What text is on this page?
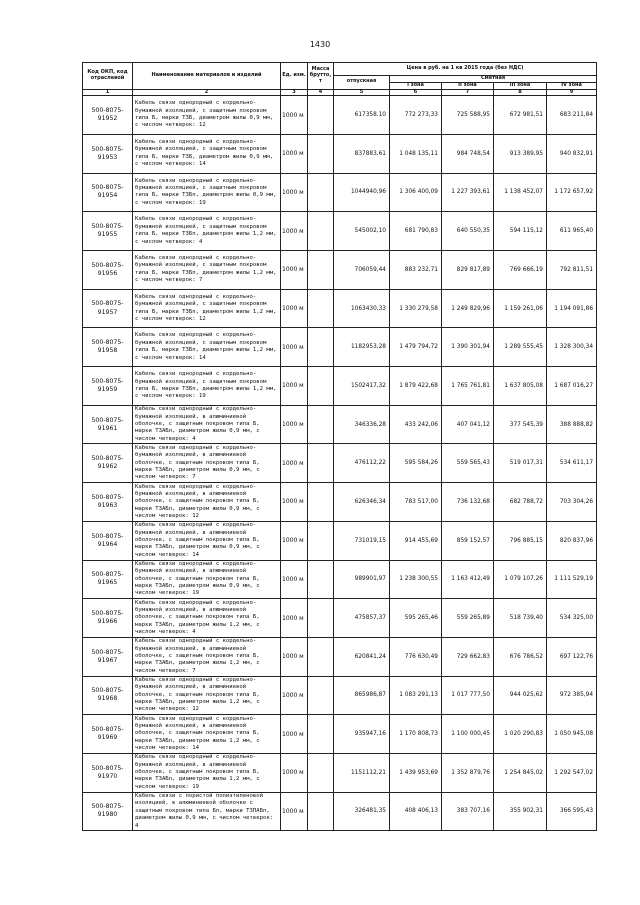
1430
Код ОКП, код отраслевой	Наименование материалов и изделий	Ед. изм.	Масса брутто, т	Цена в руб. на 1 кв 2015 года (без НДС)				
				отпускная	Сметная			
					I зона	II зона	III зона	IV зона
1	2	3	4	5	6	7	8	9
500-8075-91952	Кабель связи однородный с кордельно-бумажной изоляцией, с защитным покровом типа Б, марки ТЗБ, диаметром жилы 0,9 мм, с числом четверок: 12	1000 м		617358.10	772 273,33	725 588,95	672 981,51	683 211,84
500-8075-91953	Кабель связи однородный с кордельно-бумажной изоляцией, с защитным покровом типа Б, марки ТЗБ, диаметром жилы 0,9 мм, с числом четверок: 14	1000 м		837883,61	1 048 135,11	984 748,54	913 389,95	940 832,91
500-8075-91954	Кабель связи однородный с кордельно-бумажной изоляцией, с защитным покровом типа Б, марки ТЗБп, диаметром жилы 0,9 мм, с числом четверок: 19	1000 м		1044940,96	1 306 400,09	1 227 393,61	1 138 452,07	1 172 657,92
500-8075-91955	Кабель связи однородный с кордельно-бумажной изоляцией, с защитным покровом типа Б, марки ТЗБп, диаметром жилы 1,2 мм, с числом четверок: 4	1000 м		545002,10	681 790,83	640 550,35	594 115,12	611 965,40
500-8075-91956	Кабель связи однородный с кордельно-бумажной изоляцией, с защитным покровом типа Б, марки ТЗБп, диаметром жилы 1,2 мм, с числом четверок: 7	1000 м		706059,44	883 232,71	829 817,89	769 666,19	792 811,51
500-8075-91957	Кабель связи однородный с кордельно-бумажной изоляцией, с защитным покровом типа Б, марки ТЗБп, диаметром жилы 1,2 мм, с числом четверок: 12	1000 м		1063430,33	1 330 279,58	1 249 829,96	1 159 261,06	1 194 091,86
500-8075-91958	Кабель связи однородный с кордельно-бумажной изоляцией, с защитным покровом типа Б, марки ТЗБп, диаметром жилы 1,2 мм, с числом четверок: 14	1000 м		1182953,28	1 479 794,72	1 390 301,94	1 289 555,45	1 328 300,34
500-8075-91959	Кабель связи однородный с кордельно-бумажной изоляцией, с защитным покровом типа Б, марки ТЗБп, диаметром жилы 1,2 мм, с числом четверок: 19	1000 м		1502417,32	1 879 422,68	1 765 761,81	1 637 805,08	1 687 016,27
500-8075-91961	Кабель связи однородный с кордельно-бумажной изоляцией, в алюминиевой оболочке, с защитным покровом типа Б, марки ТЗАБл, диаметром жилы 0,9 мм, с числом четверок: 4	1000 м		346336,28	433 242,06	407 041,12	377 545,39	388 888,82
500-8075-91962	Кабель связи однородный с кордельно-бумажной изоляцией, в алюминиевой оболочке, с защитным покровом типа Б, марки ТЗАБл, диаметром жилы 0,9 мм, с числом четверок: 7	1000 м		476112,22	595 584,26	559 565,43	519 017,31	534 611,17
500-8075-91963	Кабель связи однородный с кордельно-бумажной изоляцией, в алюминиевой оболочке, с защитным покровом типа Б, марки ТЗАБл, диаметром жилы 0,9 мм, с числом четверок: 12	1000 м		626346,34	783 517,00	736 132,68	682 788,72	703 304,26
500-8075-91964	Кабель связи однородный с кордельно-бумажной изоляцией, в алюминиевой оболочке, с защитным покровом типа Б, марки ТЗАБл, диаметром жилы 0,9 мм, с числом четверок: 14	1000 м		731019,15	914 455,69	859 152,57	796 885,15	820 837,96
500-8075-91965	Кабель связи однородный с кордельно-бумажной изоляцией, в алюминиевой оболочке, с защитным покровом типа Б, марки ТЗАБл, диаметром жилы 0,9 мм, с числом четверок: 19	1000 м		989901,97	1 238 300,55	1 163 412,49	1 079 107,26	1 111 529,19
500-8075-91966	Кабель связи однородный с кордельно-бумажной изоляцией, в алюминиевой оболочке, с защитным покровом типа Б, марки ТЗАБл, диаметром жилы 1,2 мм, с числом четверок: 4	1000 м		475857,37	595 265,46	559 265,89	518 739,40	534 325,00
500-8075-91967	Кабель связи однородный с кордельно-бумажной изоляцией, в алюминиевой оболочке, с защитным покровом типа Б, марки ТЗАБл, диаметром жилы 1,2 мм, с числом четверок: 7	1000 м		620841,24	776 630,49	729 662,83	676 786,52	697 122,76
500-8075-91968	Кабель связи однородный с кордельно-бумажной изоляцией, в алюминиевой оболочке, с защитным покровом типа Б, марки ТЗАБл, диаметром жилы 1,2 мм, с числом четверок: 12	1000 м		865986,87	1 083 291,13	1 017 777,50	944 025,62	972 385,94
500-8075-91969	Кабель связи однородный с кордельно-бумажной изоляцией, в алюминиевой оболочке, с защитным покровом типа Б, марки ТЗАБл, диаметром жилы 1,2 мм, с числом четверок: 14	1000 м		935947,16	1 170 808,73	1 100 000,45	1 020 290,83	1 050 945,08
500-8075-91970	Кабель связи однородный с кордельно-бумажной изоляцией, в алюминиевой оболочке, с защитным покровом типа Б, марки ТЗАБл, диаметром жилы 1,2 мм, с числом четверок: 19	1000 м		1151112,21	1 439 953,69	1 352 879,76	1 254 845,02	1 292 547,02
500-8075-91980	Кабель связи с пористой полиэтиленовой изоляцией, в алюминиевой оболочке с защитным покровом типа Бп, марки ТЗПАБп, диаметром жилы 0,9 мм, с числом четверок: 4	1000 м		326481,35	408 406,13	383 707,16	355 902,31	366 595,43
